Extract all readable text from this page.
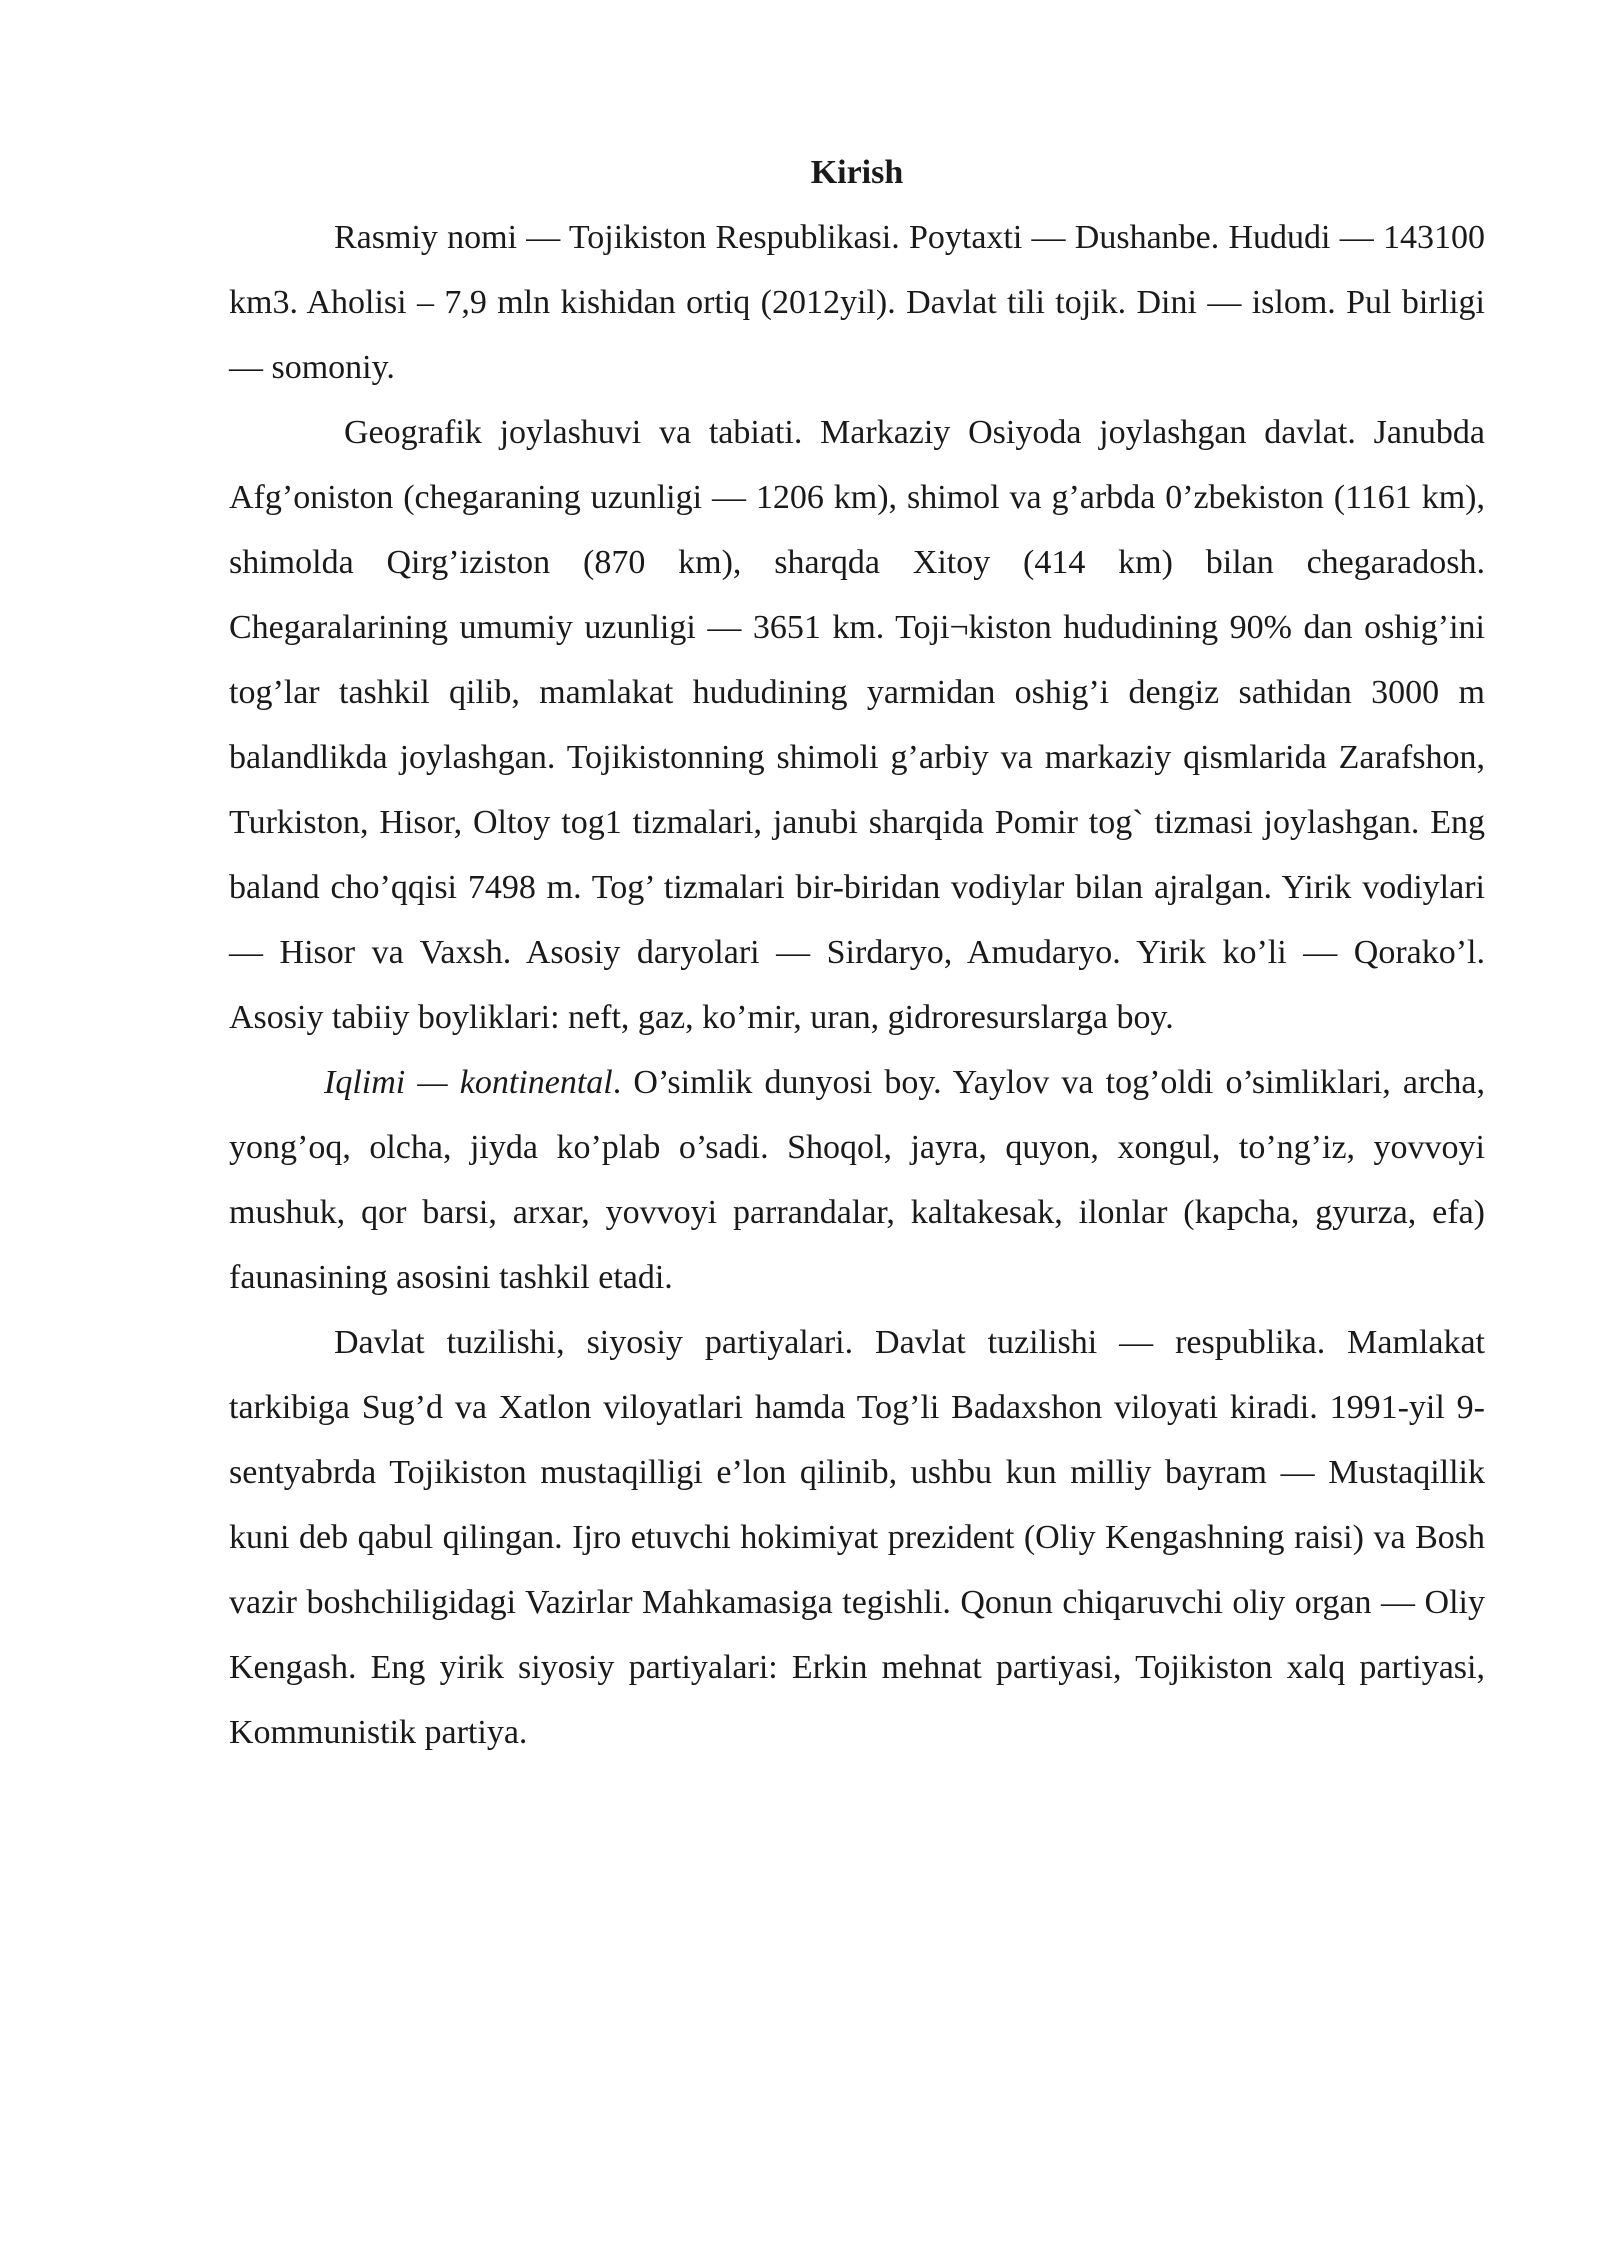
Kirish

Rasmiy nomi — Tojikiston Respublikasi. Poytaxti — Dushanbe. Hududi — 143100 km3. Aholisi – 7,9 mln kishidan ortiq (2012yil). Davlat tili tojik. Dini — islom. Pul birligi — somoniy.

Geografik joylashuvi va tabiati. Markaziy Osiyoda joylashgan davlat. Janubda Afg’oniston (chegaraning uzunligi — 1206 km), shimol va g’arbda 0’zbekiston (1161 km), shimolda Qirg’iziston (870 km), sharqda Xitoy (414 km) bilan chegaradosh. Chegaralarining umumiy uzunligi — 3651 km. Toji¬kiston hududining 90% dan oshig’ini tog’lar tashkil qilib, mamlakat hududining yarmidan oshig’i dengiz sathidan 3000 m balandlikda joylashgan. Tojikistonning shimoli g’arbiy va markaziy qismlarida Zarafshon, Turkiston, Hisor, Oltoy tog1 tizmalari, janubi sharqida Pomir tog` tizmasi joylashgan. Eng baland cho’qqisi 7498 m. Tog’ tizmalari bir-biridan vodiylar bilan ajralgan. Yirik vodiylari — Hisor va Vaxsh. Asosiy daryolari — Sirdaryo, Amudaryo. Yirik ko’li — Qorako’l. Asosiy tabiiy boyliklari: neft, gaz, ko’mir, uran, gidroresurslarga boy.

Iqlimi — kontinental. O’simlik dunyosi boy. Yaylov va tog’oldi o’simliklari, archa, yong’oq, olcha, jiyda ko’plab o’sadi. Shoqol, jayra, quyon, xongul, to’ng’iz, yovvoyi mushuk, qor barsi, arxar, yovvoyi parrandalar, kaltakesak, ilonlar (kapcha, gyurza, efa) faunasining asosini tashkil etadi.

Davlat tuzilishi, siyosiy partiyalari. Davlat tuzilishi — respublika. Mamlakat tarkibiga Sug’d va Xatlon viloyatlari hamda Tog’li Badaxshon viloyati kiradi. 1991-yil 9-sentyabrda Tojikiston mustaqilligi e’lon qilinib, ushbu kun milliy bayram — Mustaqillik kuni deb qabul qilingan. Ijro etuvchi hokimiyat prezident (Oliy Kengashning raisi) va Bosh vazir boshchiligidagi Vazirlar Mahkamasiga tegishli. Qonun chiqaruvchi oliy organ — Oliy Kengash. Eng yirik siyosiy partiyalari: Erkin mehnat partiyasi, Tojikiston xalq partiyasi, Kommunistik partiya.
